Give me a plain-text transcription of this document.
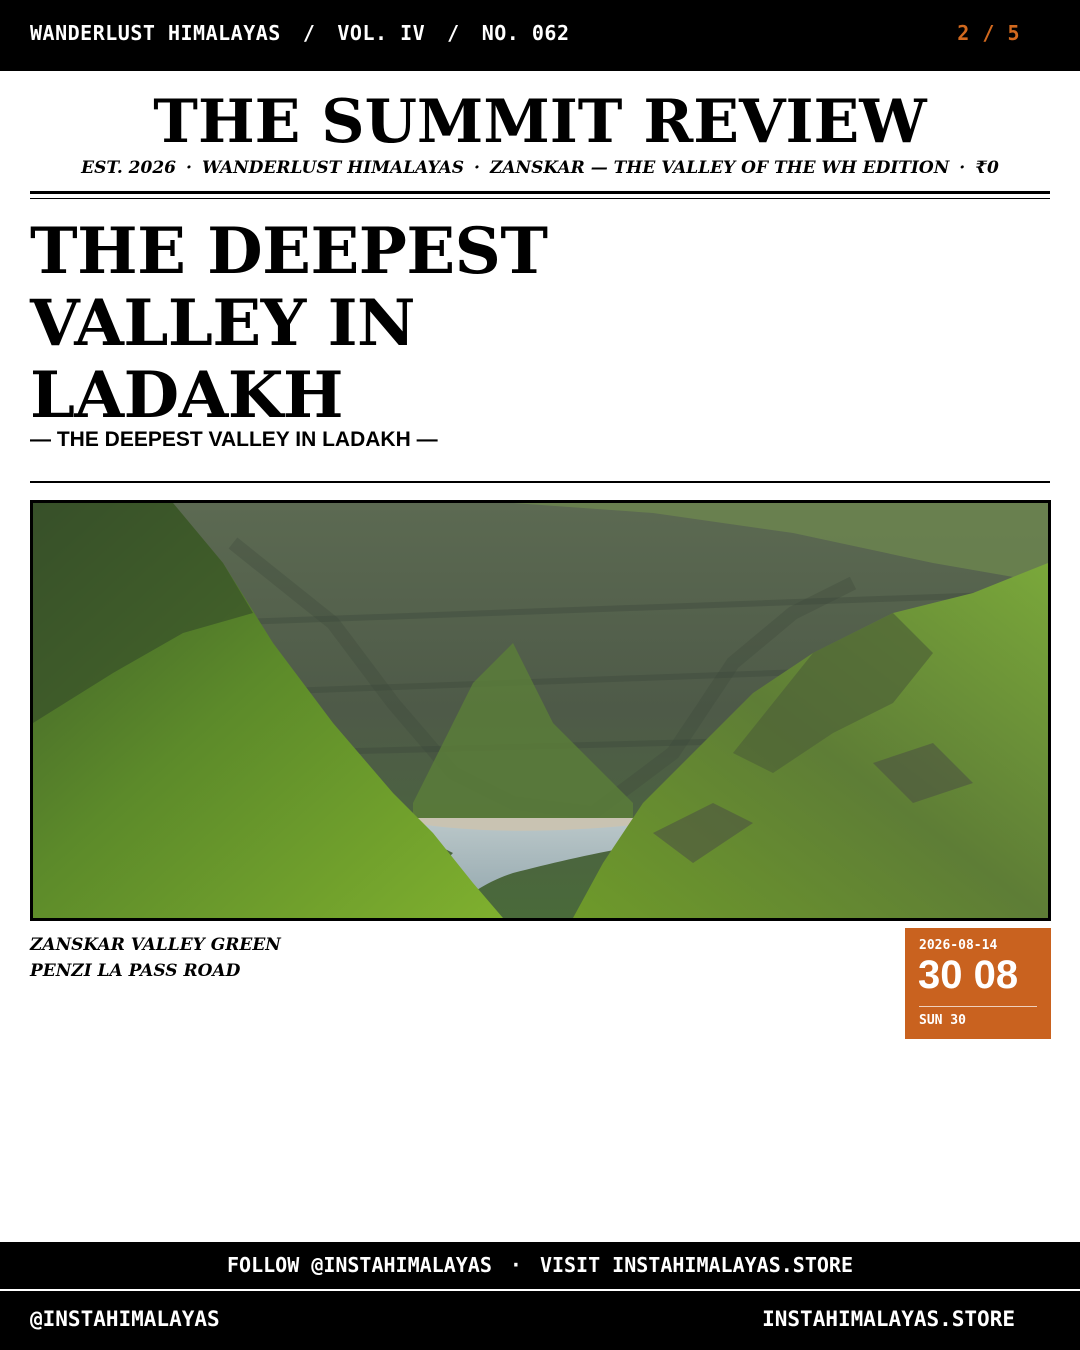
WANDERLUST HIMALAYAS / VOL. IV / NO. 062	2 / 5
THE SUMMIT REVIEW
EST. 2026 · WANDERLUST HIMALAYAS · ZANSKAR — THE VALLEY OF THE WH EDITION · ₹0
THE DEEPEST
VALLEY IN
LADAKH
— THE DEEPEST VALLEY IN LADAKH —
ZANSKAR VALLEY GREEN
PENZI LA PASS ROAD
2026-08-14
30 08
SUN 30
FOLLOW @INSTAHIMALAYAS · VISIT INSTAHIMALAYAS.STORE
@INSTAHIMALAYAS	INSTAHIMALAYAS.STORE
